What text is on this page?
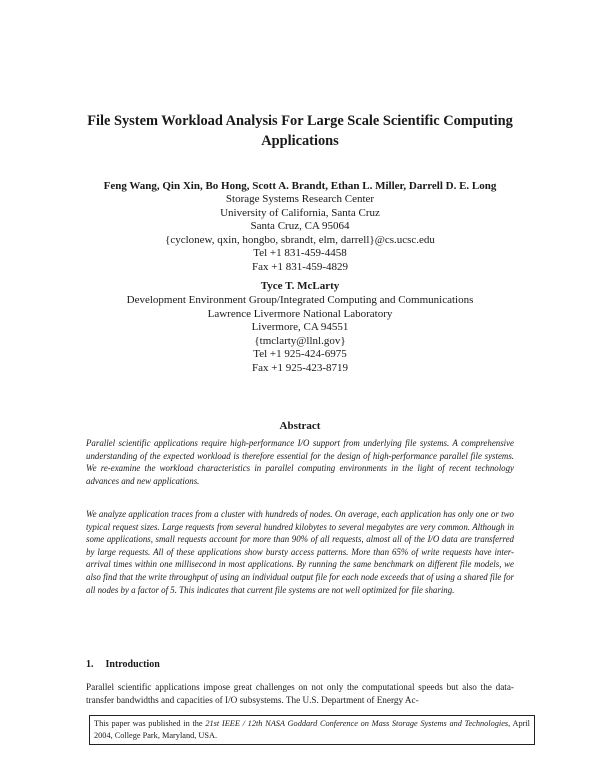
File System Workload Analysis For Large Scale Scientific Computing
Applications
Feng Wang, Qin Xin, Bo Hong, Scott A. Brandt, Ethan L. Miller, Darrell D. E. Long
Storage Systems Research Center
University of California, Santa Cruz
Santa Cruz, CA 95064
{cyclonew, qxin, hongbo, sbrandt, elm, darrell}@cs.ucsc.edu
Tel +1 831-459-4458
Fax +1 831-459-4829
Tyce T. McLarty
Development Environment Group/Integrated Computing and Communications
Lawrence Livermore National Laboratory
Livermore, CA 94551
{tmclarty@llnl.gov}
Tel +1 925-424-6975
Fax +1 925-423-8719
Abstract

Parallel scientific applications require high-performance I/O support from underlying file systems. A comprehensive understanding of the expected workload is therefore essential for the design of high-performance parallel file systems. We re-examine the workload characteristics in parallel computing environments in the light of recent technology advances and new applications.

We analyze application traces from a cluster with hundreds of nodes. On average, each application has only one or two typical request sizes. Large requests from several hundred kilobytes to several megabytes are very common. Although in some applications, small requests account for more than 90% of all requests, almost all of the I/O data are transferred by large requests. All of these applications show bursty access patterns. More than 65% of write requests have inter-arrival times within one millisecond in most applications. By running the same benchmark on different file models, we also find that the write throughput of using an individual output file for each node exceeds that of using a shared file for all nodes by a factor of 5. This indicates that current file systems are not well optimized for file sharing.

1. Introduction

Parallel scientific applications impose great challenges on not only the computational speeds but also the data-transfer bandwidths and capacities of I/O subsystems. The U.S. Department of Energy Ac-

This paper was published in the 21st IEEE / 12th NASA Goddard Conference on Mass Storage Systems and Technologies, April 2004, College Park, Maryland, USA.
